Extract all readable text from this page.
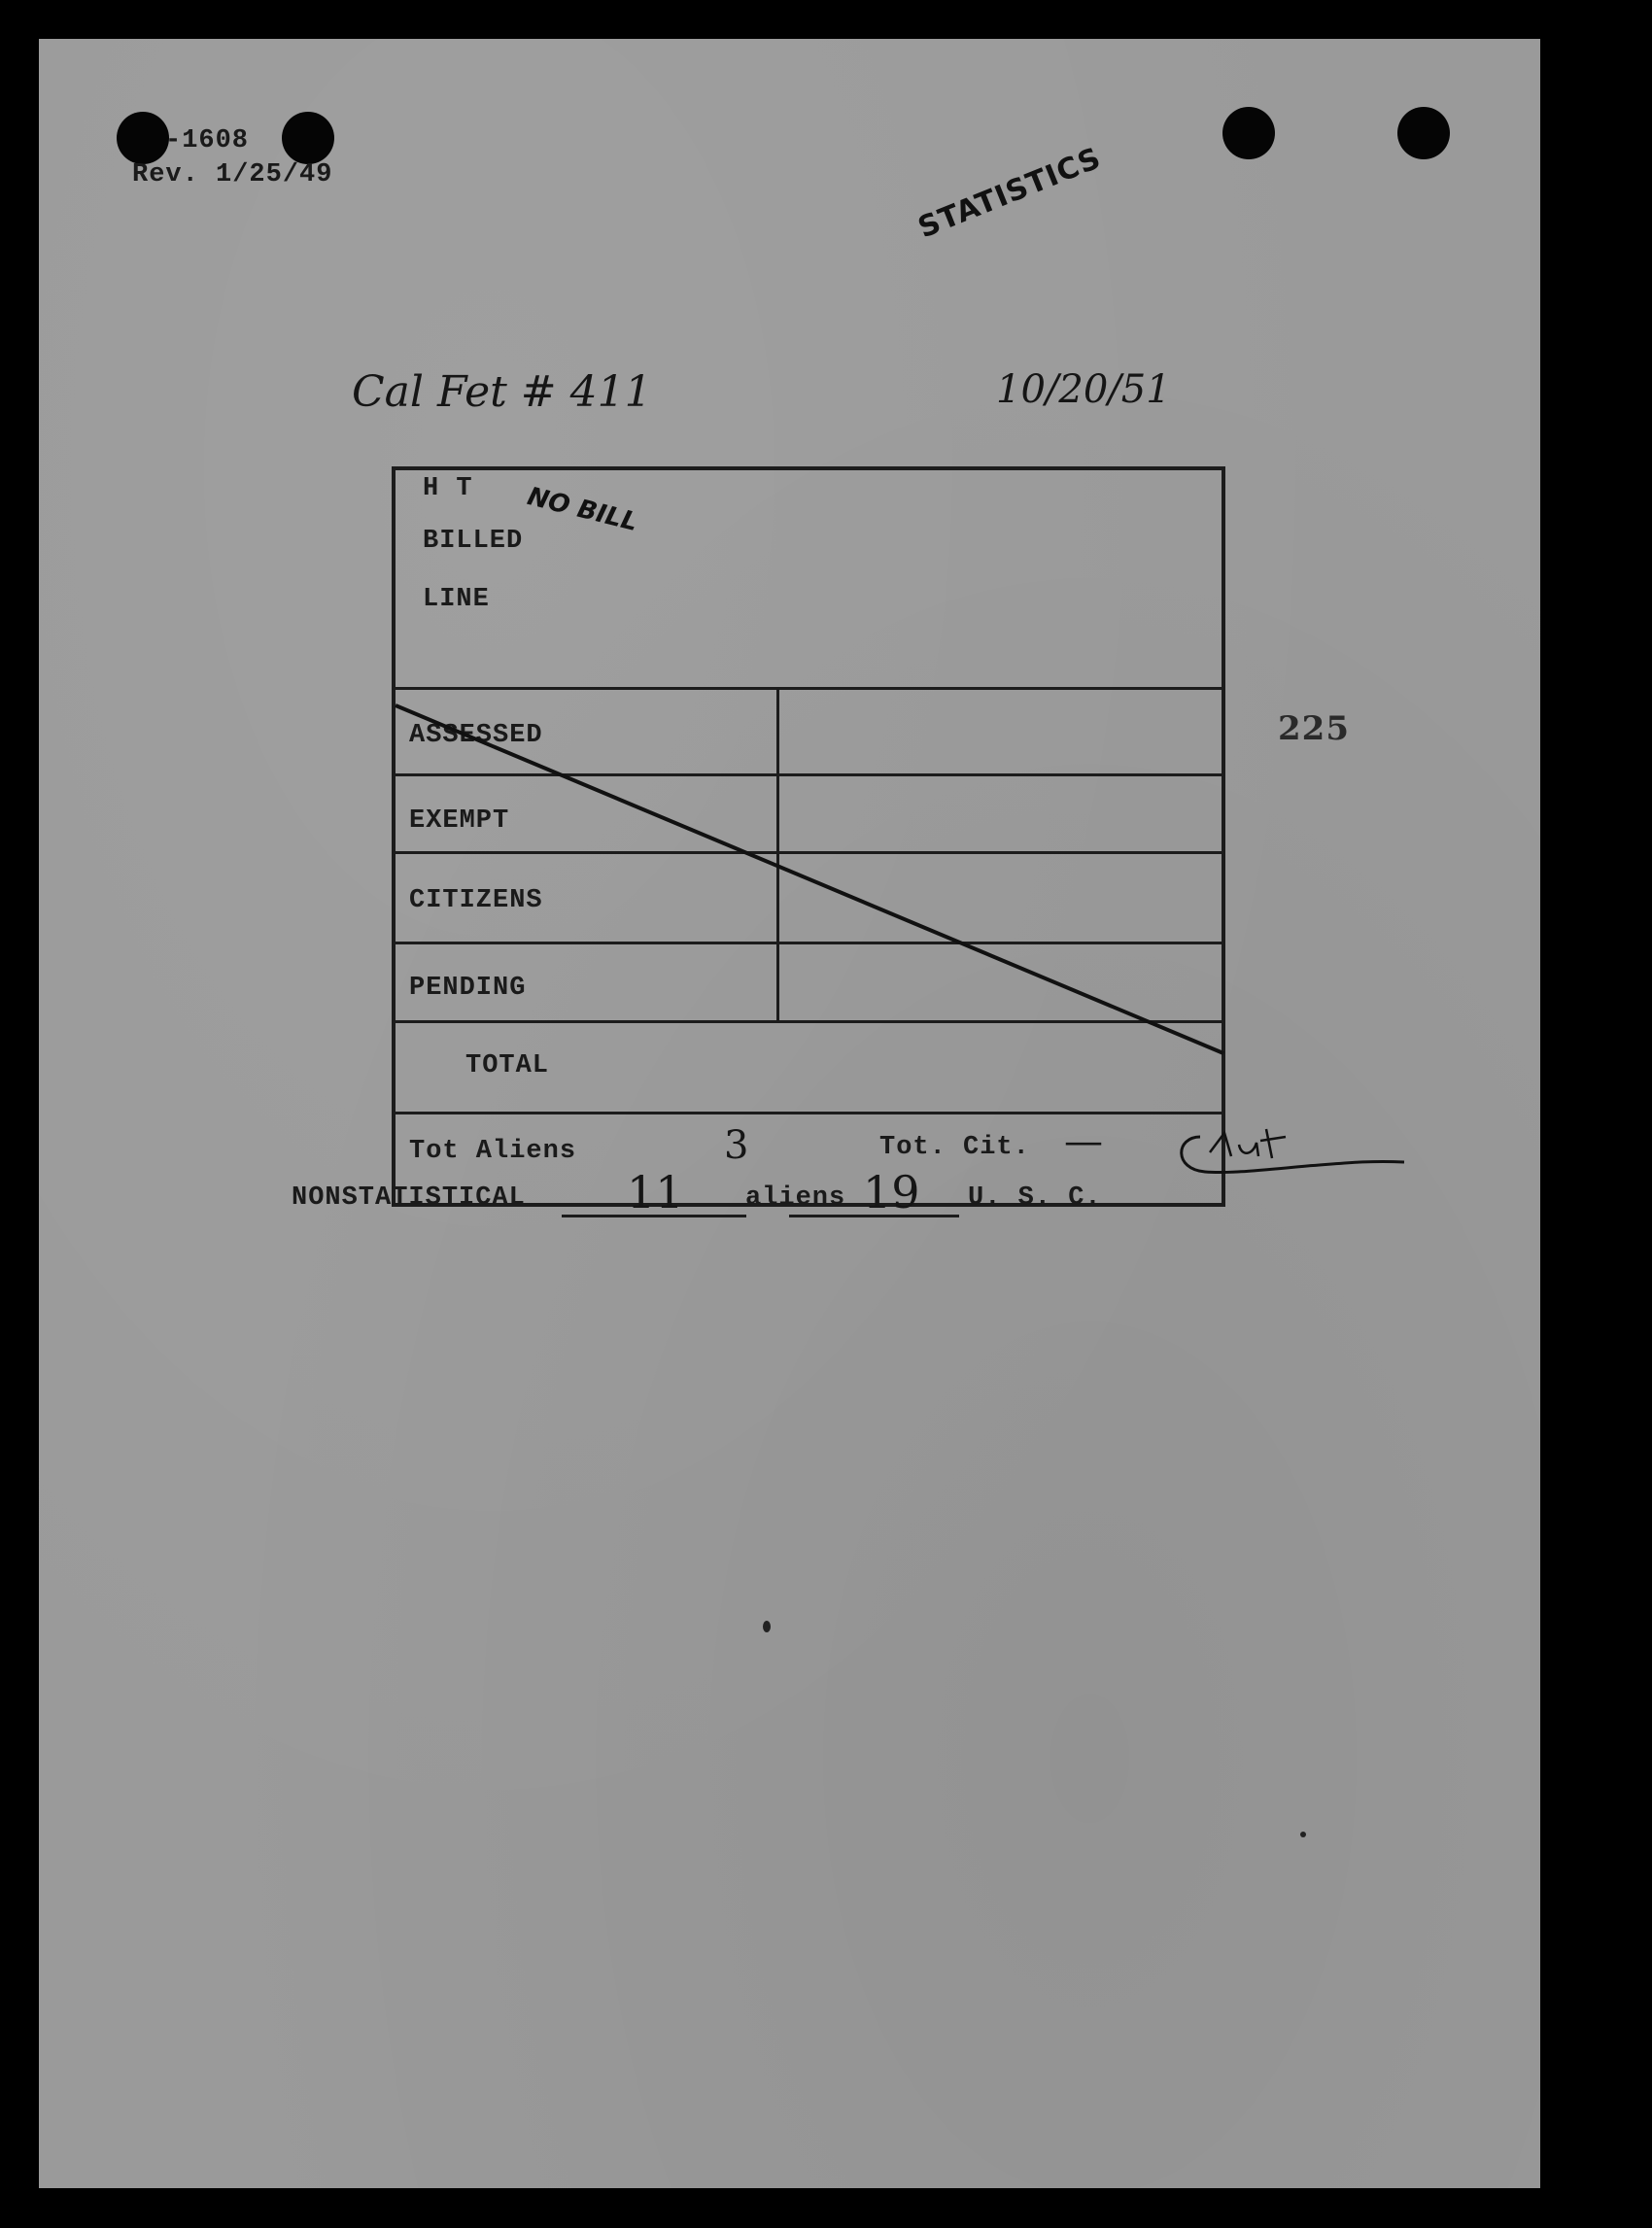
-1608
Rev. 1/25/49	STATISTICS
Cal Fet # 411	10/20/51
225
H T
BILLED
LINE
NO BILL
ASSESSED
EXEMPT
CITIZENS
PENDING
TOTAL
Tot Aliens	3	Tot. Cit. —
NONSTATISTICAL 11 aliens 19 U. S. C.
